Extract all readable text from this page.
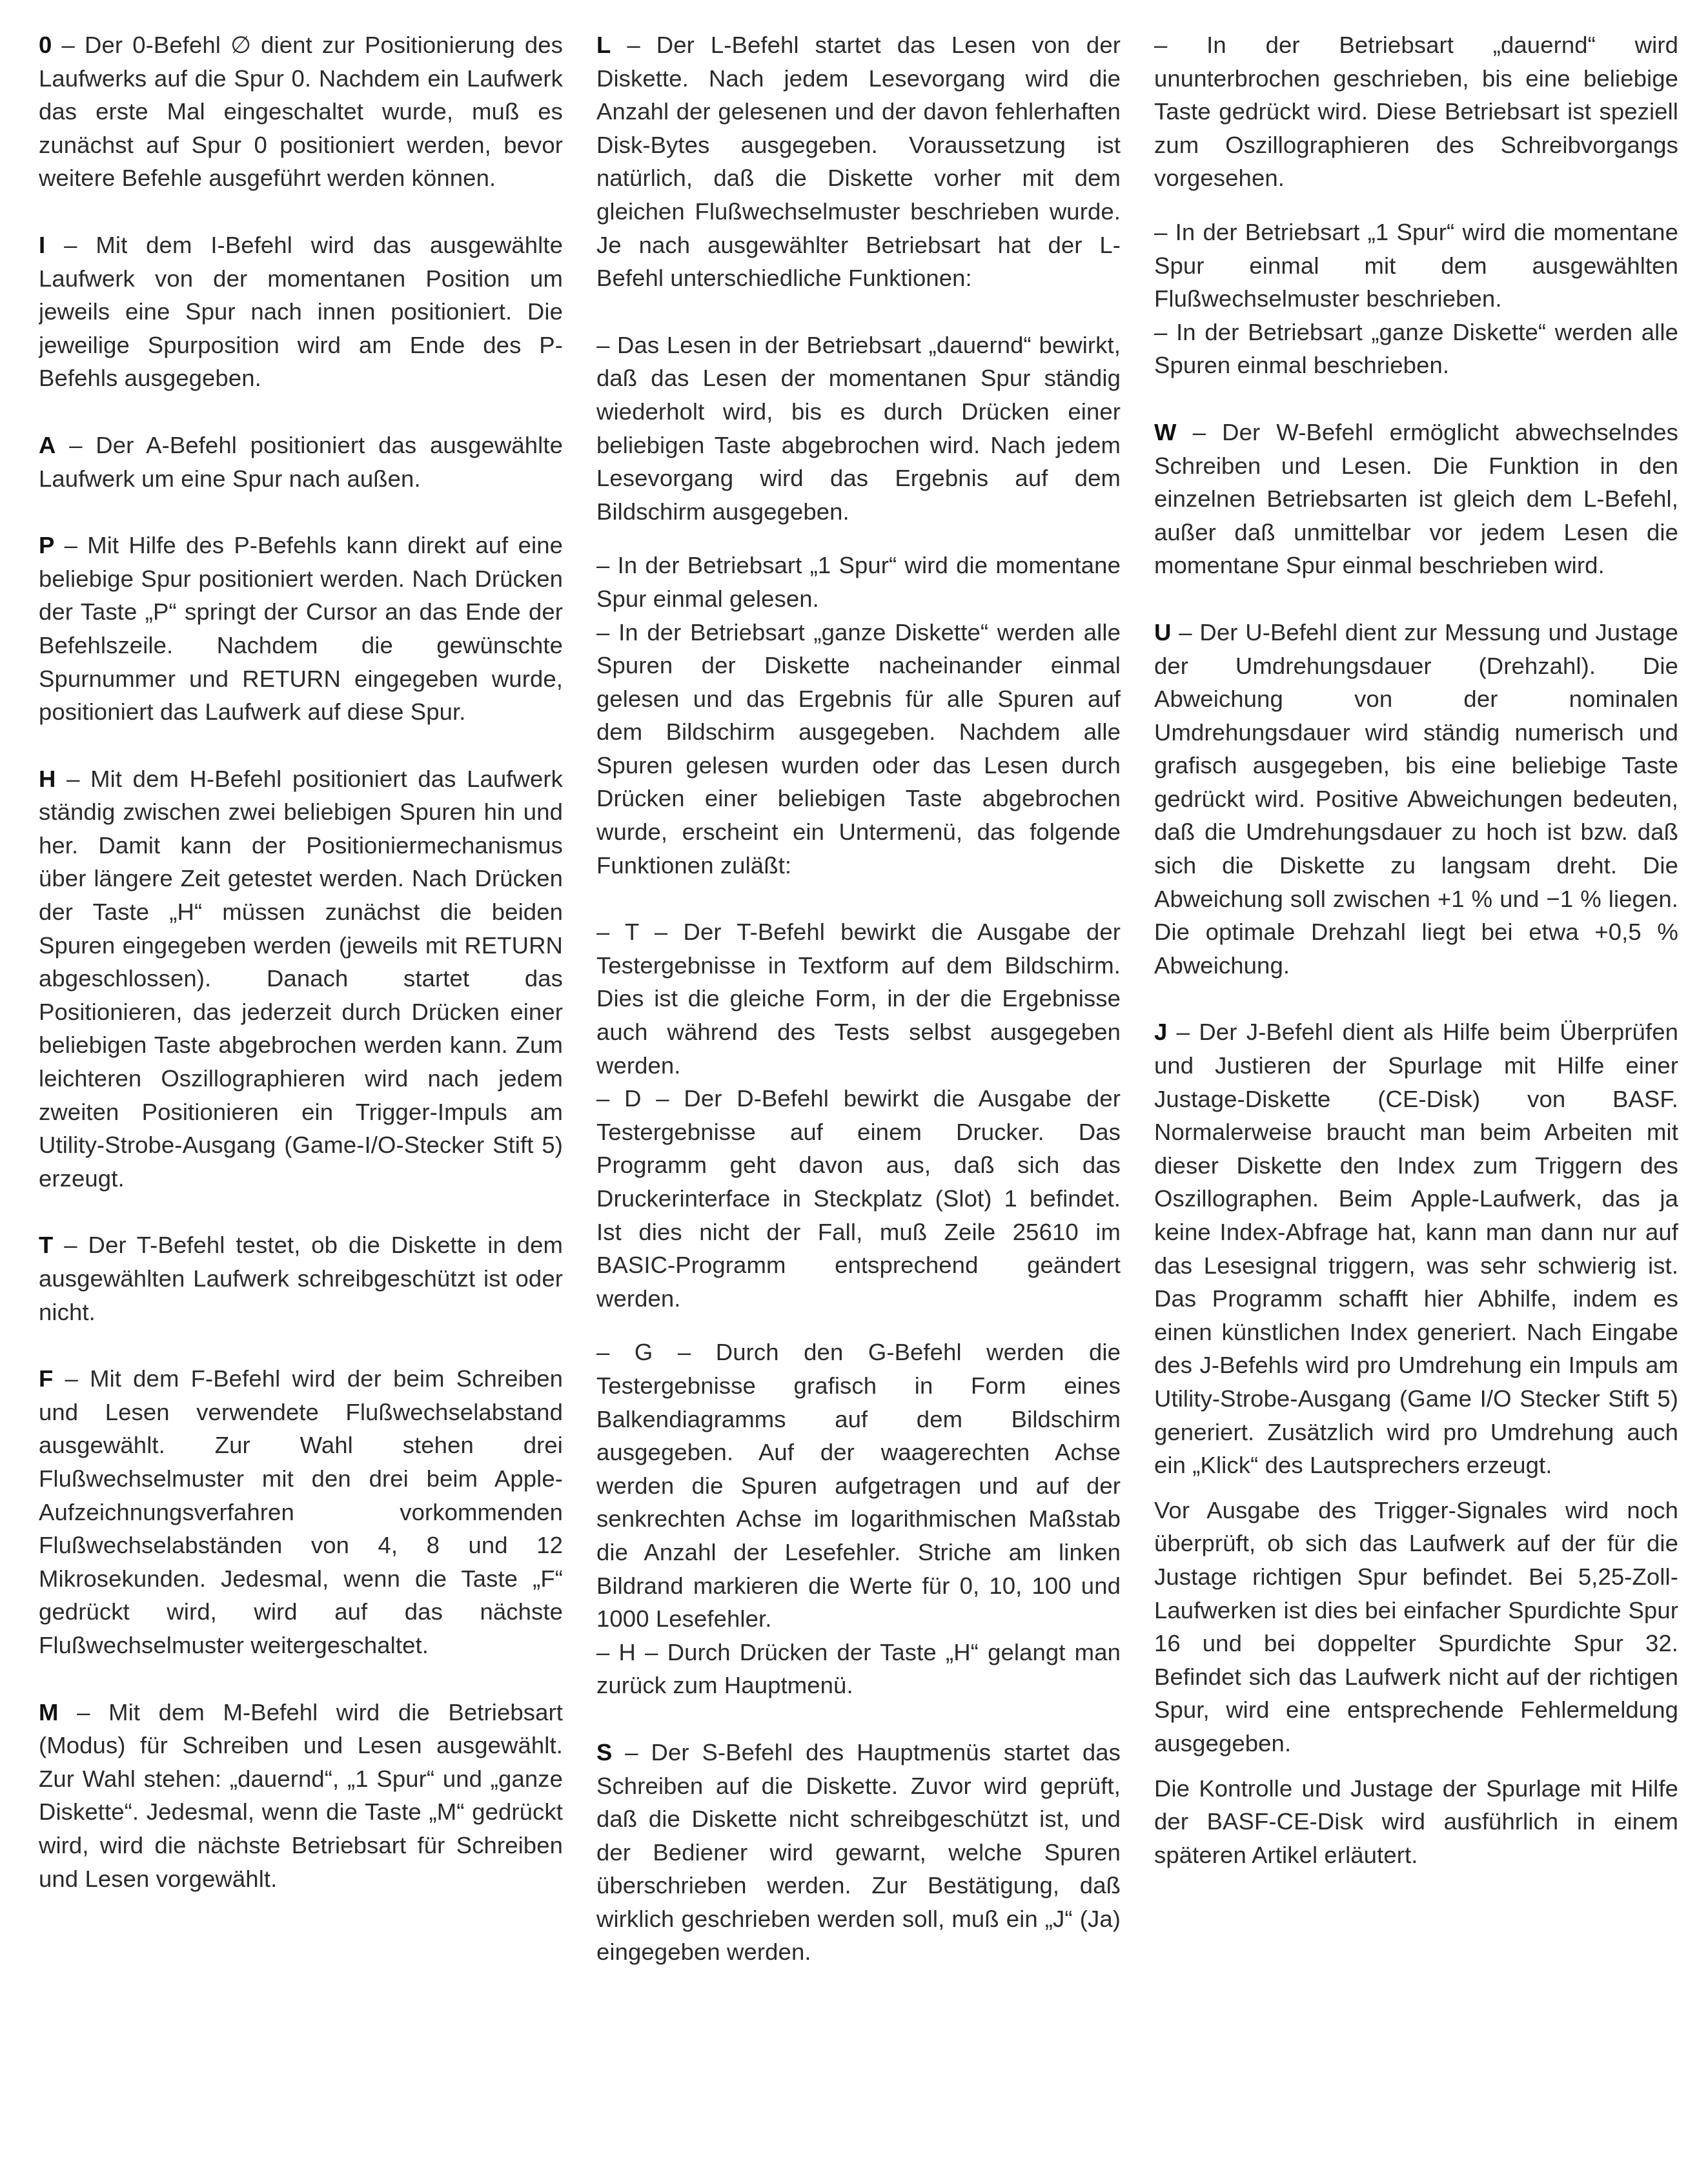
0 – Der 0-Befehl ∅ dient zur Positionierung des Laufwerks auf die Spur 0. Nachdem ein Laufwerk das erste Mal eingeschaltet wurde, muß es zunächst auf Spur 0 positioniert werden, bevor weitere Befehle ausgeführt werden können.

I – Mit dem I-Befehl wird das ausgewählte Laufwerk von der momentanen Position um jeweils eine Spur nach innen positioniert. Die jeweilige Spurposition wird am Ende des P-Befehls ausgegeben.

A – Der A-Befehl positioniert das ausgewählte Laufwerk um eine Spur nach außen.

P – Mit Hilfe des P-Befehls kann direkt auf eine beliebige Spur positioniert werden. Nach Drücken der Taste „P“ springt der Cursor an das Ende der Befehlszeile. Nachdem die gewünschte Spurnummer und RETURN eingegeben wurde, positioniert das Laufwerk auf diese Spur.

H – Mit dem H-Befehl positioniert das Laufwerk ständig zwischen zwei beliebigen Spuren hin und her. Damit kann der Positioniermechanismus über längere Zeit getestet werden. Nach Drücken der Taste „H“ müssen zunächst die beiden Spuren eingegeben werden (jeweils mit RETURN abgeschlossen). Danach startet das Positionieren, das jederzeit durch Drücken einer beliebigen Taste abgebrochen werden kann. Zum leichteren Oszillographieren wird nach jedem zweiten Positionieren ein Trigger-Impuls am Utility-Strobe-Ausgang (Game-I/O-Stecker Stift 5) erzeugt.

T – Der T-Befehl testet, ob die Diskette in dem ausgewählten Laufwerk schreibgeschützt ist oder nicht.

F – Mit dem F-Befehl wird der beim Schreiben und Lesen verwendete Flußwechselabstand ausgewählt. Zur Wahl stehen drei Flußwechselmuster mit den drei beim Apple-Aufzeichnungsverfahren vorkommenden Flußwechselabständen von 4, 8 und 12 Mikrosekunden. Jedesmal, wenn die Taste „F“ gedrückt wird, wird auf das nächste Flußwechselmuster weitergeschaltet.

M – Mit dem M-Befehl wird die Betriebsart (Modus) für Schreiben und Lesen ausgewählt. Zur Wahl stehen: „dauernd“, „1 Spur“ und „ganze Diskette“. Jedesmal, wenn die Taste „M“ gedrückt wird, wird die nächste Betriebsart für Schreiben und Lesen vorgewählt.

L – Der L-Befehl startet das Lesen von der Diskette. Nach jedem Lesevorgang wird die Anzahl der gelesenen und der davon fehlerhaften Disk-Bytes ausgegeben. Voraussetzung ist natürlich, daß die Diskette vorher mit dem gleichen Flußwechselmuster beschrieben wurde. Je nach ausgewählter Betriebsart hat der L-Befehl unterschiedliche Funktionen:

– Das Lesen in der Betriebsart „dauernd“ bewirkt, daß das Lesen der momentanen Spur ständig wiederholt wird, bis es durch Drücken einer beliebigen Taste abgebrochen wird. Nach jedem Lesevorgang wird das Ergebnis auf dem Bildschirm ausgegeben.

– In der Betriebsart „1 Spur“ wird die momentane Spur einmal gelesen.

– In der Betriebsart „ganze Diskette“ werden alle Spuren der Diskette nacheinander einmal gelesen und das Ergebnis für alle Spuren auf dem Bildschirm ausgegeben. Nachdem alle Spuren gelesen wurden oder das Lesen durch Drücken einer beliebigen Taste abgebrochen wurde, erscheint ein Untermenü, das folgende Funktionen zuläßt:

– T – Der T-Befehl bewirkt die Ausgabe der Testergebnisse in Textform auf dem Bildschirm. Dies ist die gleiche Form, in der die Ergebnisse auch während des Tests selbst ausgegeben werden.

– D – Der D-Befehl bewirkt die Ausgabe der Testergebnisse auf einem Drucker. Das Programm geht davon aus, daß sich das Druckerinterface in Steckplatz (Slot) 1 befindet. Ist dies nicht der Fall, muß Zeile 25610 im BASIC-Programm entsprechend geändert werden.

– G – Durch den G-Befehl werden die Testergebnisse grafisch in Form eines Balkendiagramms auf dem Bildschirm ausgegeben. Auf der waagerechten Achse werden die Spuren aufgetragen und auf der senkrechten Achse im logarithmischen Maßstab die Anzahl der Lesefehler. Striche am linken Bildrand markieren die Werte für 0, 10, 100 und 1000 Lesefehler.

– H – Durch Drücken der Taste „H“ gelangt man zurück zum Hauptmenü.

S – Der S-Befehl des Hauptmenüs startet das Schreiben auf die Diskette. Zuvor wird geprüft, daß die Diskette nicht schreibgeschützt ist, und der Bediener wird gewarnt, welche Spuren überschrieben werden. Zur Bestätigung, daß wirklich geschrieben werden soll, muß ein „J“ (Ja) eingegeben werden.

– In der Betriebsart „dauernd“ wird ununterbrochen geschrieben, bis eine beliebige Taste gedrückt wird. Diese Betriebsart ist speziell zum Oszillographieren des Schreibvorgangs vorgesehen.

– In der Betriebsart „1 Spur“ wird die momentane Spur einmal mit dem ausgewählten Flußwechselmuster beschrieben.

– In der Betriebsart „ganze Diskette“ werden alle Spuren einmal beschrieben.

W – Der W-Befehl ermöglicht abwechselndes Schreiben und Lesen. Die Funktion in den einzelnen Betriebsarten ist gleich dem L-Befehl, außer daß unmittelbar vor jedem Lesen die momentane Spur einmal beschrieben wird.

U – Der U-Befehl dient zur Messung und Justage der Umdrehungsdauer (Drehzahl). Die Abweichung von der nominalen Umdrehungsdauer wird ständig numerisch und grafisch ausgegeben, bis eine beliebige Taste gedrückt wird. Positive Abweichungen bedeuten, daß die Umdrehungsdauer zu hoch ist bzw. daß sich die Diskette zu langsam dreht. Die Abweichung soll zwischen +1 % und −1 % liegen. Die optimale Drehzahl liegt bei etwa +0,5 % Abweichung.

J – Der J-Befehl dient als Hilfe beim Überprüfen und Justieren der Spurlage mit Hilfe einer Justage-Diskette (CE-Disk) von BASF. Normalerweise braucht man beim Arbeiten mit dieser Diskette den Index zum Triggern des Oszillographen. Beim Apple-Laufwerk, das ja keine Index-Abfrage hat, kann man dann nur auf das Lesesignal triggern, was sehr schwierig ist. Das Programm schafft hier Abhilfe, indem es einen künstlichen Index generiert. Nach Eingabe des J-Befehls wird pro Umdrehung ein Impuls am Utility-Strobe-Ausgang (Game I/O Stecker Stift 5) generiert. Zusätzlich wird pro Umdrehung auch ein „Klick“ des Lautsprechers erzeugt.

Vor Ausgabe des Trigger-Signales wird noch überprüft, ob sich das Laufwerk auf der für die Justage richtigen Spur befindet. Bei 5,25-Zoll-Laufwerken ist dies bei einfacher Spurdichte Spur 16 und bei doppelter Spurdichte Spur 32. Befindet sich das Laufwerk nicht auf der richtigen Spur, wird eine entsprechende Fehlermeldung ausgegeben.

Die Kontrolle und Justage der Spurlage mit Hilfe der BASF-CE-Disk wird ausführlich in einem späteren Artikel erläutert.
